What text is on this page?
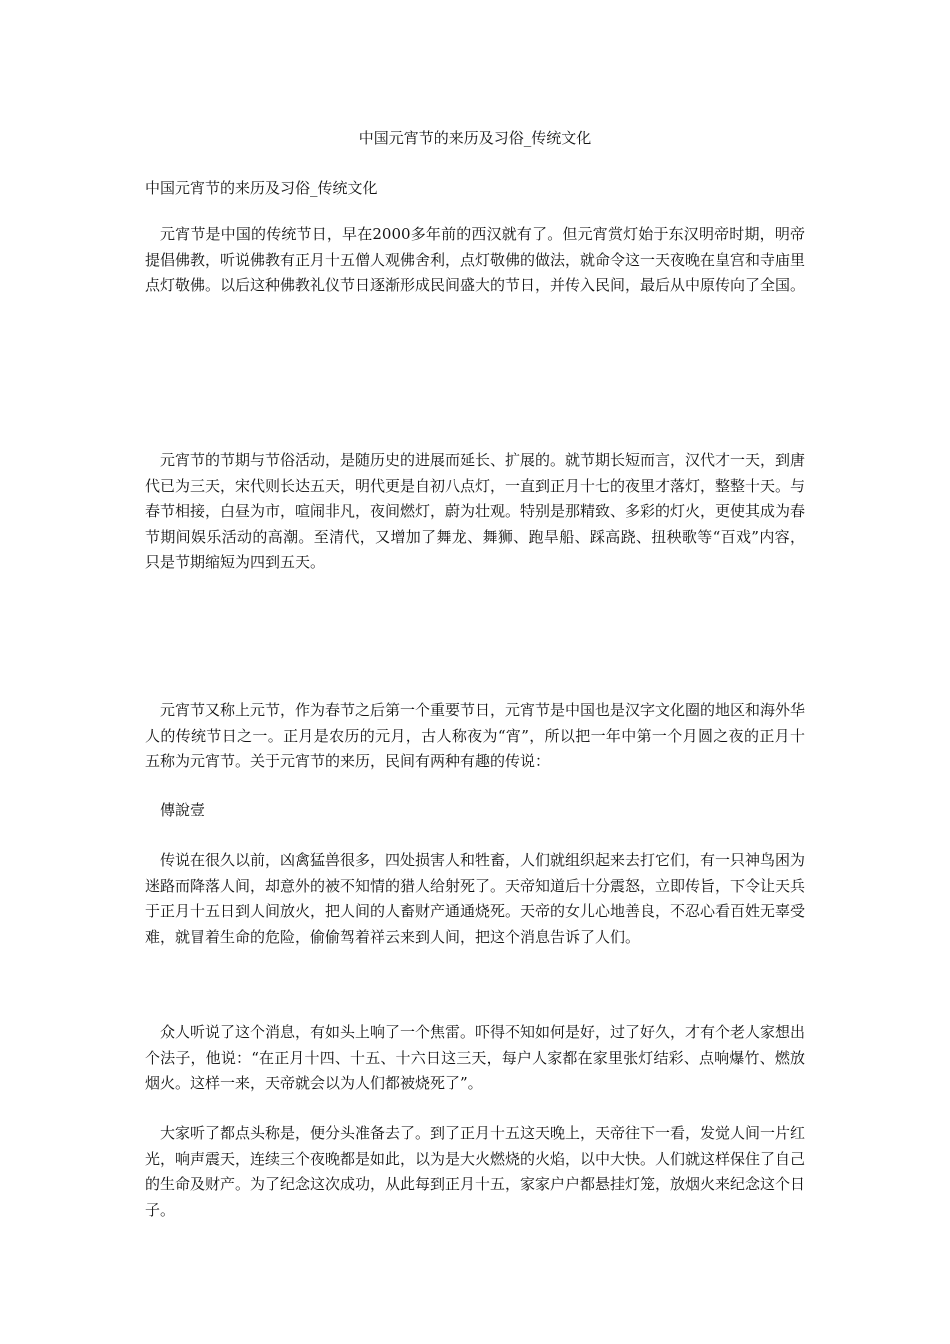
中国元宵节的来历及习俗_传统文化
中国元宵节的来历及习俗_传统文化

元宵节是中国的传统节日，早在2000多年前的西汉就有了。但元宵赏灯始于东汉明帝时期，明帝提倡佛教，听说佛教有正月十五僧人观佛舍利，点灯敬佛的做法，就命令这一天夜晚在皇宫和寺庙里点灯敬佛。以后这种佛教礼仪节日逐渐形成民间盛大的节日，并传入民间，最后从中原传向了全国。

元宵节的节期与节俗活动，是随历史的进展而延长、扩展的。就节期长短而言，汉代才一天，到唐代已为三天，宋代则长达五天，明代更是自初八点灯，一直到正月十七的夜里才落灯，整整十天。与春节相接，白昼为市，喧闹非凡，夜间燃灯，蔚为壮观。特别是那精致、多彩的灯火，更使其成为春节期间娱乐活动的高潮。至清代，又增加了舞龙、舞狮、跑旱船、踩高跷、扭秧歌等“百戏”内容，只是节期缩短为四到五天。

元宵节又称上元节，作为春节之后第一个重要节日，元宵节是中国也是汉字文化圈的地区和海外华人的传统节日之一。正月是农历的元月，古人称夜为“宵”，所以把一年中第一个月圆之夜的正月十五称为元宵节。关于元宵节的来历，民间有两种有趣的传说：

傳說壹

传说在很久以前，凶禽猛兽很多，四处损害人和牲畜，人们就组织起来去打它们，有一只神鸟困为迷路而降落人间，却意外的被不知情的猎人给射死了。天帝知道后十分震怒，立即传旨，下令让天兵于正月十五日到人间放火，把人间的人畜财产通通烧死。天帝的女儿心地善良，不忍心看百姓无辜受难，就冒着生命的危险，偷偷驾着祥云来到人间，把这个消息告诉了人们。

众人听说了这个消息，有如头上响了一个焦雷。吓得不知如何是好，过了好久，才有个老人家想出个法子，他说：“在正月十四、十五、十六日这三天，每户人家都在家里张灯结彩、点响爆竹、燃放烟火。这样一来，天帝就会以为人们都被烧死了”。

大家听了都点头称是，便分头准备去了。到了正月十五这天晚上，天帝往下一看，发觉人间一片红光，响声震天，连续三个夜晚都是如此，以为是大火燃烧的火焰，以中大快。人们就这样保住了自己的生命及财产。为了纪念这次成功，从此每到正月十五，家家户户都悬挂灯笼，放烟火来纪念这个日子。
